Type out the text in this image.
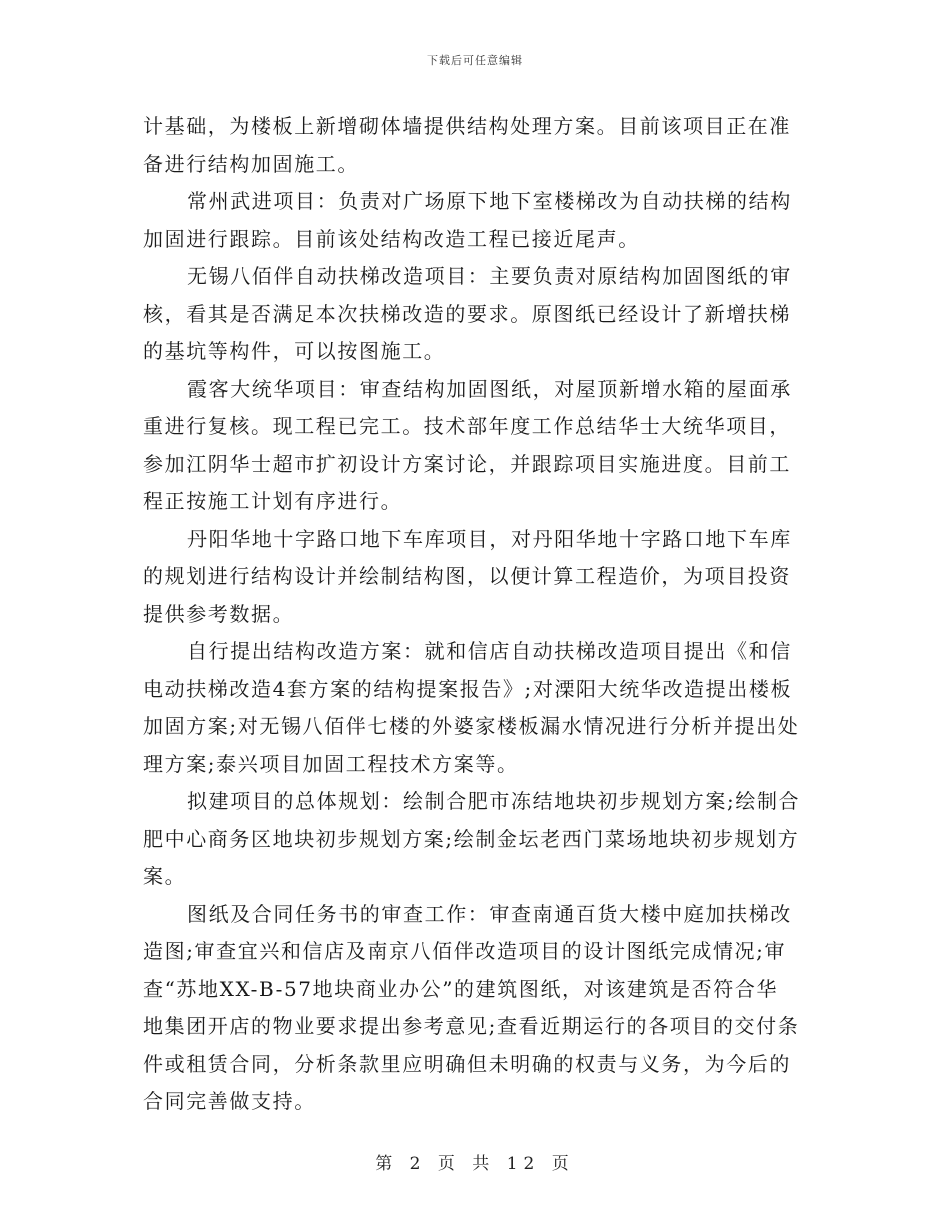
下载后可任意编辑

计基础，为楼板上新增砌体墙提供结构处理方案。目前该项目正在准
备进行结构加固施工。

常州武进项目：负责对广场原下地下室楼梯改为自动扶梯的结构
加固进行跟踪。目前该处结构改造工程已接近尾声。

无锡八佰伴自动扶梯改造项目：主要负责对原结构加固图纸的审
核，看其是否满足本次扶梯改造的要求。原图纸已经设计了新增扶梯
的基坑等构件，可以按图施工。

霞客大统华项目：审查结构加固图纸，对屋顶新增水箱的屋面承
重进行复核。现工程已完工。技术部年度工作总结华士大统华项目，
参加江阴华士超市扩初设计方案讨论，并跟踪项目实施进度。目前工
程正按施工计划有序进行。

丹阳华地十字路口地下车库项目，对丹阳华地十字路口地下车库
的规划进行结构设计并绘制结构图，以便计算工程造价，为项目投资
提供参考数据。

自行提出结构改造方案：就和信店自动扶梯改造项目提出《和信
电动扶梯改造4套方案的结构提案报告》;对溧阳大统华改造提出楼板
加固方案;对无锡八佰伴七楼的外婆家楼板漏水情况进行分析并提出处
理方案;泰兴项目加固工程技术方案等。

拟建项目的总体规划：绘制合肥市冻结地块初步规划方案;绘制合
肥中心商务区地块初步规划方案;绘制金坛老西门菜场地块初步规划方
案。

图纸及合同任务书的审查工作：审查南通百货大楼中庭加扶梯改
造图;审查宜兴和信店及南京八佰伴改造项目的设计图纸完成情况;审
查“苏地XX-B-57地块商业办公”的建筑图纸，对该建筑是否符合华
地集团开店的物业要求提出参考意见;查看近期运行的各项目的交付条
件或租赁合同，分析条款里应明确但未明确的权责与义务，为今后的
合同完善做支持。

第 2 页 共 12 页
